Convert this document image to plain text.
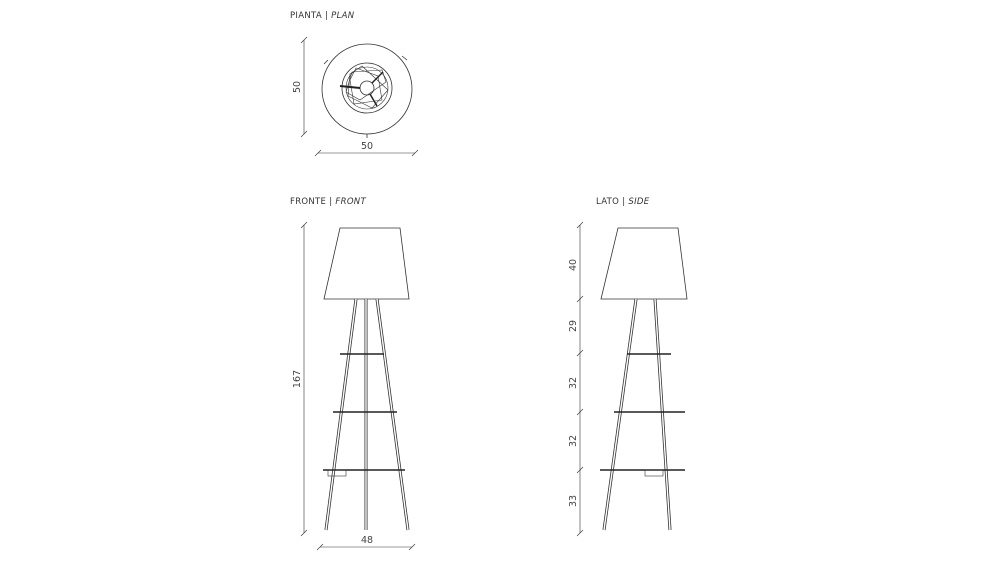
PIANTA | PLAN
FRONTE | FRONT	LATO | SIDE
50
50
167
48
40
29
32
32
33
